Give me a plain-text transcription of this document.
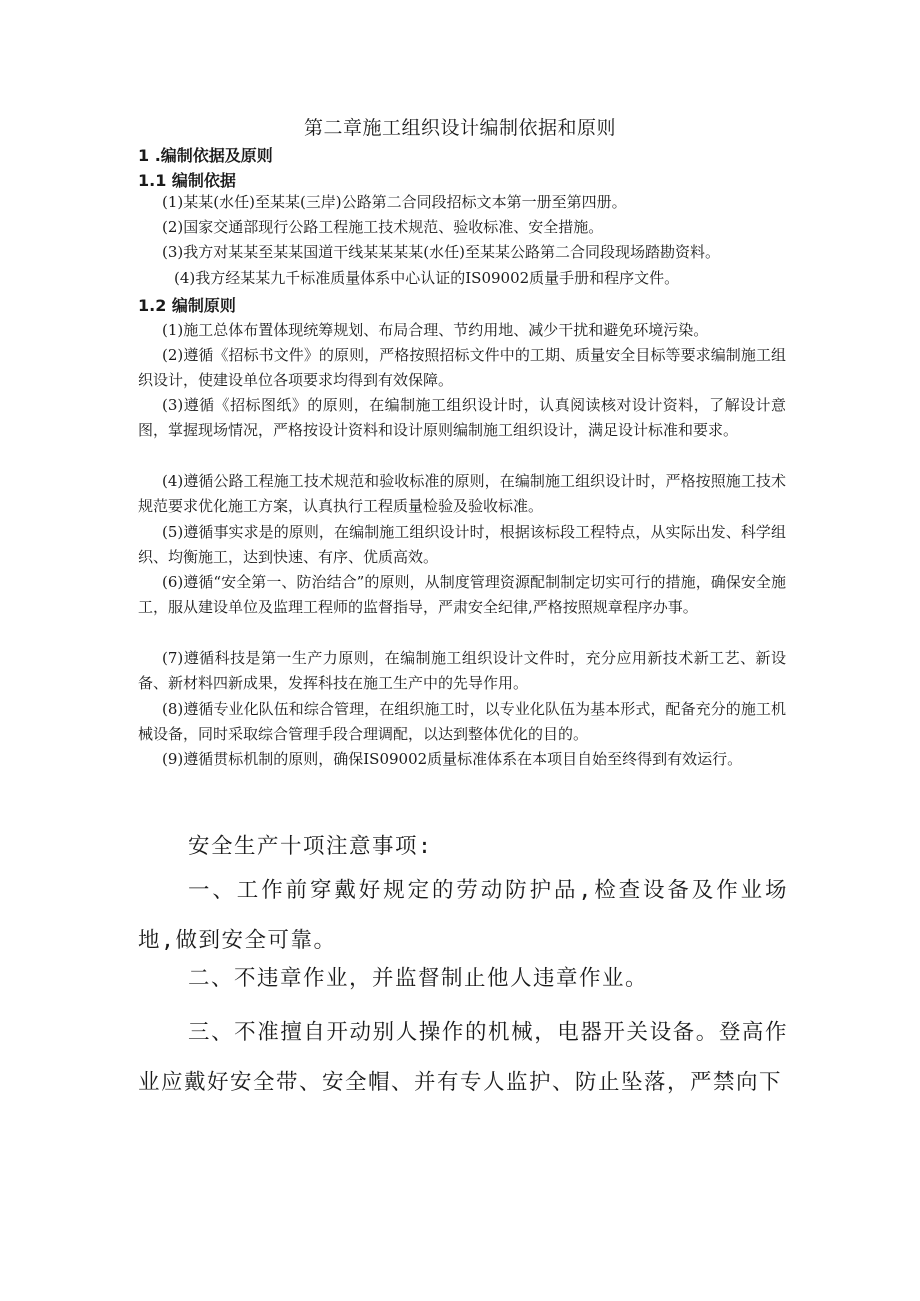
第二章施工组织设计编制依据和原则
1 .编制依据及原则
1.1 编制依据
(1)某某(水任)至某某(三岸)公路第二合同段招标文本第一册至第四册。
(2)国家交通部现行公路工程施工技术规范、验收标准、安全措施。
(3)我方对某某至某某国道干线某某某某(水任)至某某公路第二合同段现场踏勘资料。
(4)我方经某某九千标准质量体系中心认证的IS09002质量手册和程序文件。
1.2 编制原则
(1)施工总体布置体现统筹规划、布局合理、节约用地、减少干扰和避免环境污染。
(2)遵循《招标书文件》的原则，严格按照招标文件中的工期、质量安全目标等要求编制施工组织设计，使建设单位各项要求均得到有效保障。
(3)遵循《招标图纸》的原则，在编制施工组织设计时，认真阅读核对设计资料，了解设计意图，掌握现场情况，严格按设计资料和设计原则编制施工组织设计，满足设计标准和要求。
(4)遵循公路工程施工技术规范和验收标准的原则，在编制施工组织设计时，严格按照施工技术规范要求优化施工方案，认真执行工程质量检验及验收标准。
(5)遵循事实求是的原则，在编制施工组织设计时，根据该标段工程特点，从实际出发、科学组织、均衡施工，达到快速、有序、优质高效。
(6)遵循“安全第一、防治结合”的原则，从制度管理资源配制制定切实可行的措施，确保安全施工，服从建设单位及监理工程师的监督指导，严肃安全纪律,严格按照规章程序办事。
(7)遵循科技是第一生产力原则，在编制施工组织设计文件时，充分应用新技术新工艺、新设备、新材料四新成果，发挥科技在施工生产中的先导作用。
(8)遵循专业化队伍和综合管理，在组织施工时，以专业化队伍为基本形式，配备充分的施工机械设备，同时采取综合管理手段合理调配，以达到整体优化的目的。
(9)遵循贯标机制的原则，确保IS09002质量标准体系在本项目自始至终得到有效运行。
安全生产十项注意事项:
一、工作前穿戴好规定的劳动防护品,检查设备及作业场地,做到安全可靠。
二、不违章作业，并监督制止他人违章作业。
三、不准擅自开动别人操作的机械，电器开关设备。登高作业应戴好安全带、安全帽、并有专人监护、防止坠落，严禁向下
